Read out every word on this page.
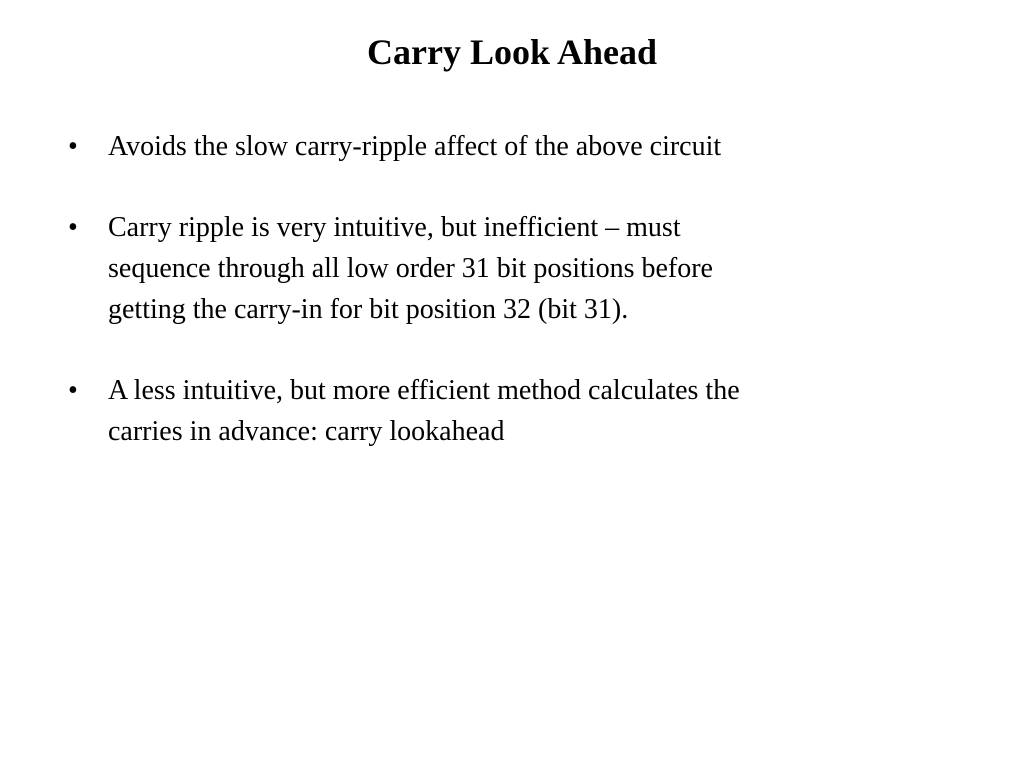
Carry Look Ahead
•	Avoids the slow carry-ripple affect of the above circuit
•	Carry ripple is very intuitive, but inefficient – must
sequence through all low order 31 bit positions before
getting the carry-in for bit position 32 (bit 31).
•	A less intuitive, but more efficient method calculates the
carries in advance: carry lookahead
